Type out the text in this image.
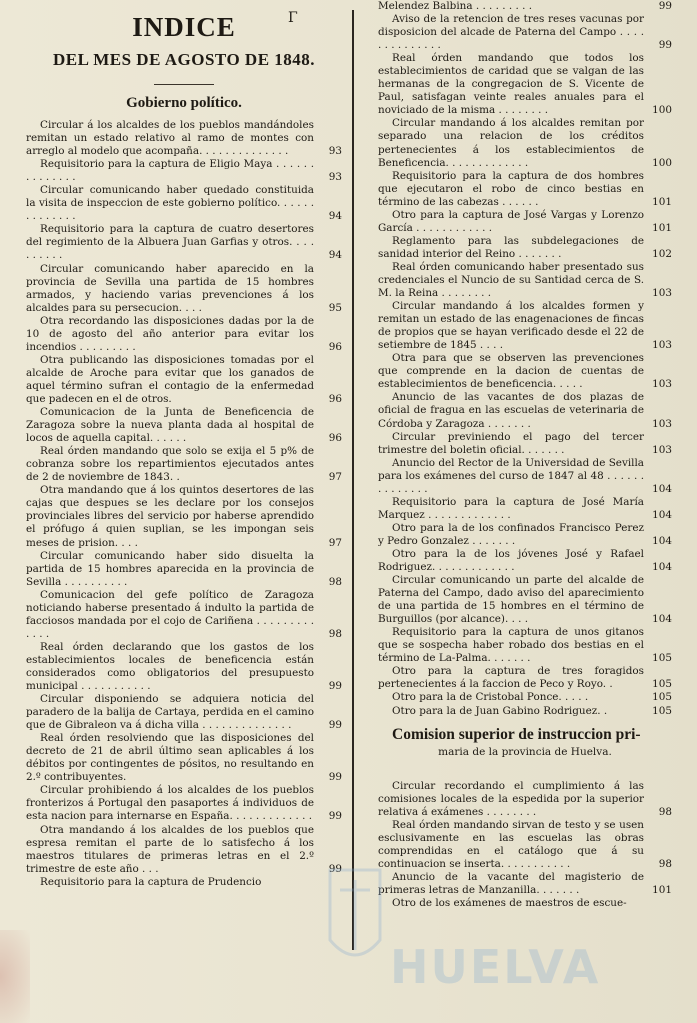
INDICE
DEL MES DE AGOSTO DE 1848.
Gobierno político.

Circular á los alcaldes de los pueblos mandándoles remitan un estado relativo al ramo de montes con arreglo al modelo que acompaña. . . . . . . . . . . . . .	93

Requisitorio para la captura de Eligio Maya . . . . . . . . . . . . . .	93

Circular comunicando haber quedado constituida la visita de inspeccion de este gobierno político. . . . . . . . . . . . . .	94

Requisitorio para la captura de cuatro desertores del regimiento de la Albuera Juan Garfias y otros. . . . . . . . . .	94

Circular comunicando haber aparecido en la provincia de Sevilla una partida de 15 hombres armados, y haciendo varias prevenciones á los alcaldes para su persecucion. . . .	95

Otra recordando las disposiciones dadas por la de 10 de agosto del año anterior para evitar los incendios . . . . . . . . .	96

Otra publicando las disposiciones tomadas por el alcalde de Aroche para evitar que los ganados de aquel término sufran el contagio de la enfermedad que padecen en el de otros.	96

Comunicacion de la Junta de Beneficencia de Zaragoza sobre la nueva planta dada al hospital de locos de aquella capital. . . . . .	96

Real órden mandando que solo se exija el 5 p% de cobranza sobre los repartimientos ejecutados antes de 2 de noviembre de 1843. .	97

Otra mandando que á los quintos desertores de las cajas que despues se les declare por los consejos provinciales libres del servicio por haberse aprendido el prófugo á quien suplian, se les impongan seis meses de prision. . . .	97

Circular comunicando haber sido disuelta la partida de 15 hombres aparecida en la provincia de Sevilla . . . . . . . . . .	98

Comunicacion del gefe político de Zaragoza noticiando haberse presentado á indulto la partida de facciosos mandada por el cojo de Cariñena . . . . . . . . . . . . .	98

Real órden declarando que los gastos de los establecimientos locales de beneficencia están considerados como obligatorios del presupuesto municipal . . . . . . . . . . .	99

Circular disponiendo se adquiera noticia del paradero de la balija de Cartaya, perdida en el camino que de Gibraleon va á dicha villa . . . . . . . . . . . . . .	99

Real órden resolviendo que las disposiciones del decreto de 21 de abril último sean aplicables á los débitos por contingentes de pósitos, no resultando en 2.º contribuyentes.	99

Circular prohibiendo á los alcaldes de los pueblos fronterizos á Portugal den pasaportes á individuos de esta nacion para internarse en España. . . . . . . . . . . . . 99

Otra mandando á los alcaldes de los pueblos que espresa remitan el parte de lo satisfecho á los maestros titulares de primeras letras en el 2.º trimestre de este año . . .	99

Requisitorio para la captura de Prudencio

Γ

Melendez Balbina . . . . . . . . .	99

Aviso de la retencion de tres reses vacunas por disposicion del alcade de Paterna del Campo . . . . . . . . . . . . . .	99

Real órden mandando que todos los establecimientos de caridad que se valgan de las hermanas de la congregacion de S. Vicente de Paul, satisfagan veinte reales anuales para el noviciado de la misma . . . . . . . .	100

Circular mandando á los alcaldes remitan por separado una relacion de los créditos pertenecientes á los establecimientos de Beneficencia. . . . . . . . . . . . .	100

Requisitorio para la captura de dos hombres que ejecutaron el robo de cinco bestias en término de las cabezas . . . . . .	101

Otro para la captura de José Vargas y Lorenzo García . . . . . . . . . . . .	101

Reglamento para las subdelegaciones de sanidad interior del Reino . . . . . . .	102

Real órden comunicando haber presentado sus credenciales el Nuncio de su Santidad cerca de S. M. la Reina . . . . . . . .	103

Circular mandando á los alcaldes formen y remitan un estado de las enagenaciones de fincas de propios que se hayan verificado desde el 22 de setiembre de 1845 . . . .	103

Otra para que se observen las prevenciones que comprende en la dacion de cuentas de establecimientos de beneficencia. . . . .	103

Anuncio de las vacantes de dos plazas de oficial de fragua en las escuelas de veterinaria de Córdoba y Zaragoza . . . . . . .	103

Circular previniendo el pago del tercer trimestre del boletin oficial. . . . . . .	103

Anuncio del Rector de la Universidad de Sevilla para los exámenes del curso de 1847 al 48 . . . . . . . . . . . . . .	104

Requisitorio para la captura de José María Marquez . . . . . . . . . . . . .	104

Otro para la de los confinados Francisco Perez y Pedro Gonzalez . . . . . . .	104

Otro para la de los jóvenes José y Rafael Rodriguez. . . . . . . . . . . . .	104

Circular comunicando un parte del alcalde de Paterna del Campo, dado aviso del aparecimiento de una partida de 15 hombres en el término de Burguillos (por alcance). . . .	104

Requisitorio para la captura de unos gitanos que se sospecha haber robado dos bestias en el término de La-Palma. . . . . . .	105

Otro para la captura de tres foragidos pertenecientes á la faccion de Peco y Royo. .	105

Otro para la de Cristobal Ponce. . . . .	105

Otro para la de Juan Gabino Rodriguez. .	105

Comision superior de instruccion pri-
maria de la provincia de Huelva.

Circular recordando el cumplimiento á las comisiones locales de la espedida por la superior relativa á exámenes . . . . . . . .	98

Real órden mandando sirvan de testo y se usen esclusivamente en las escuelas las obras comprendidas en el catálogo que á su continuacion se inserta. . . . . . . . . . .	98

Anuncio de la vacante del magisterio de primeras letras de Manzanilla. . . . . . .	101

Otro de los exámenes de maestros de escue-

HUELVA
